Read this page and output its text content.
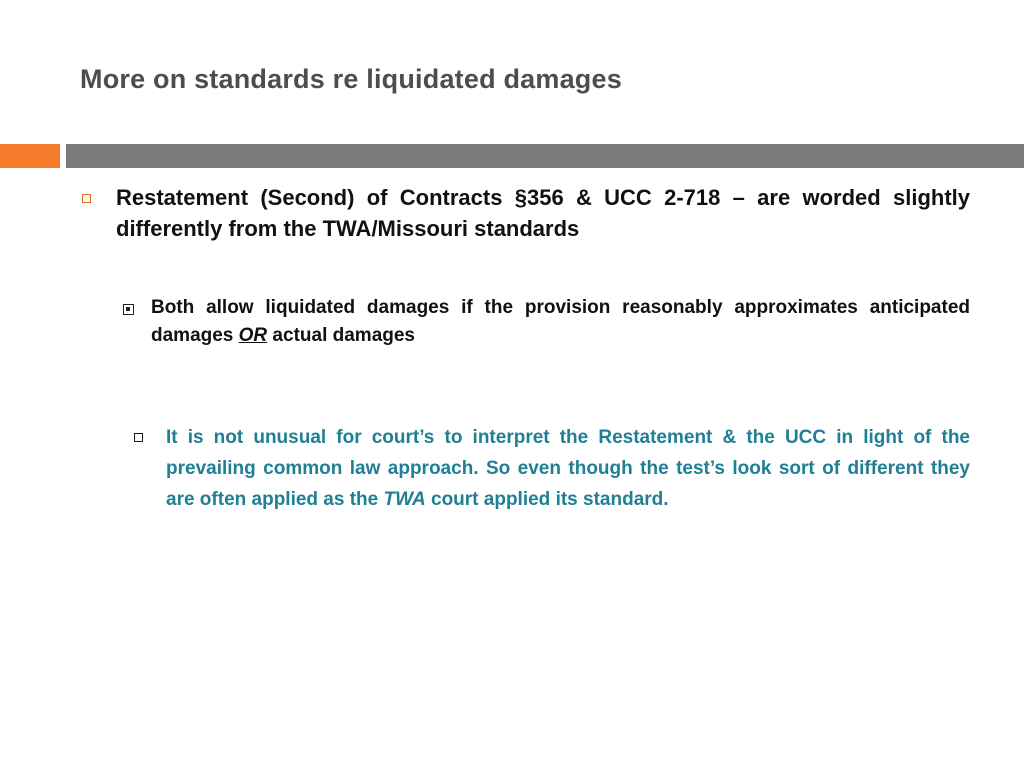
More on standards re liquidated damages

Restatement (Second) of Contracts §356 & UCC 2-718 – are worded slightly differently from the TWA/Missouri standards

Both allow liquidated damages if the provision reasonably approximates anticipated damages OR actual damages

It is not unusual for court’s to interpret the Restatement & the UCC in light of the prevailing common law approach. So even though the test’s look sort of different they are often applied as the TWA court applied its standard.
